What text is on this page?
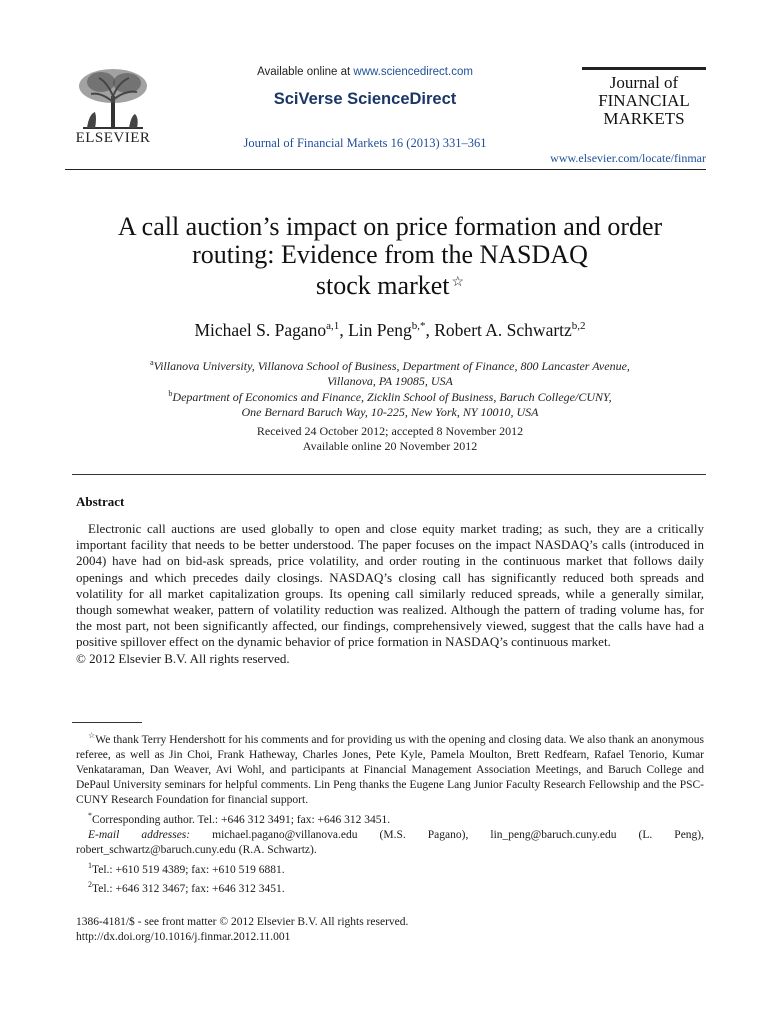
ELSEVIER
Available online at www.sciencedirect.com
SciVerse ScienceDirect
Journal of Financial Markets 16 (2013) 331–361
Journal of
FINANCIAL
MARKETS
www.elsevier.com/locate/finmar
A call auction’s impact on price formation and order
routing: Evidence from the NASDAQ
stock market ☆
Michael S. Pagano$^{a,1}$, Lin Peng$^{b,*}$, Robert A. Schwartz$^{b,2}$
$^a$Villanova University, Villanova School of Business, Department of Finance, 800 Lancaster Avenue,
Villanova, PA 19085, USA
$^b$Department of Economics and Finance, Zicklin School of Business, Baruch College/CUNY,
One Bernard Baruch Way, 10-225, New York, NY 10010, USA
Received 24 October 2012; accepted 8 November 2012
Available online 20 November 2012
Abstract

Electronic call auctions are used globally to open and close equity market trading; as such, they are a critically important facility that needs to be better understood. The paper focuses on the impact NASDAQ’s calls (introduced in 2004) have had on bid-ask spreads, price volatility, and order routing in the continuous market that follows daily openings and which precedes daily closings. NASDAQ’s closing call has significantly reduced both spreads and volatility for all market capitalization groups. Its opening call similarly reduced spreads, while a generally similar, though somewhat weaker, pattern of volatility reduction was realized. Although the pattern of trading volume has, for the most part, not been significantly affected, our findings, comprehensively viewed, suggest that the calls have had a positive spillover effect on the dynamic behavior of price formation in NASDAQ’s continuous market.

© 2012 Elsevier B.V. All rights reserved.

☆We thank Terry Hendershott for his comments and for providing us with the opening and closing data. We also thank an anonymous referee, as well as Jin Choi, Frank Hatheway, Charles Jones, Pete Kyle, Pamela Moulton, Brett Redfearn, Rafael Tenorio, Kumar Venkataraman, Dan Weaver, Avi Wohl, and participants at Financial Management Association Meetings, and Baruch College and DePaul University seminars for helpful comments. Lin Peng thanks the Eugene Lang Junior Faculty Research Fellowship and the PSC-CUNY Research Foundation for financial support.

*Corresponding author. Tel.: +646 312 3491; fax: +646 312 3451.

E-mail addresses: michael.pagano@villanova.edu (M.S. Pagano), lin_peng@baruch.cuny.edu (L. Peng), robert_schwartz@baruch.cuny.edu (R.A. Schwartz).

$^1$Tel.: +610 519 4389; fax: +610 519 6881.

$^2$Tel.: +646 312 3467; fax: +646 312 3451.

1386-4181/$ - see front matter © 2012 Elsevier B.V. All rights reserved.
http://dx.doi.org/10.1016/j.finmar.2012.11.001
